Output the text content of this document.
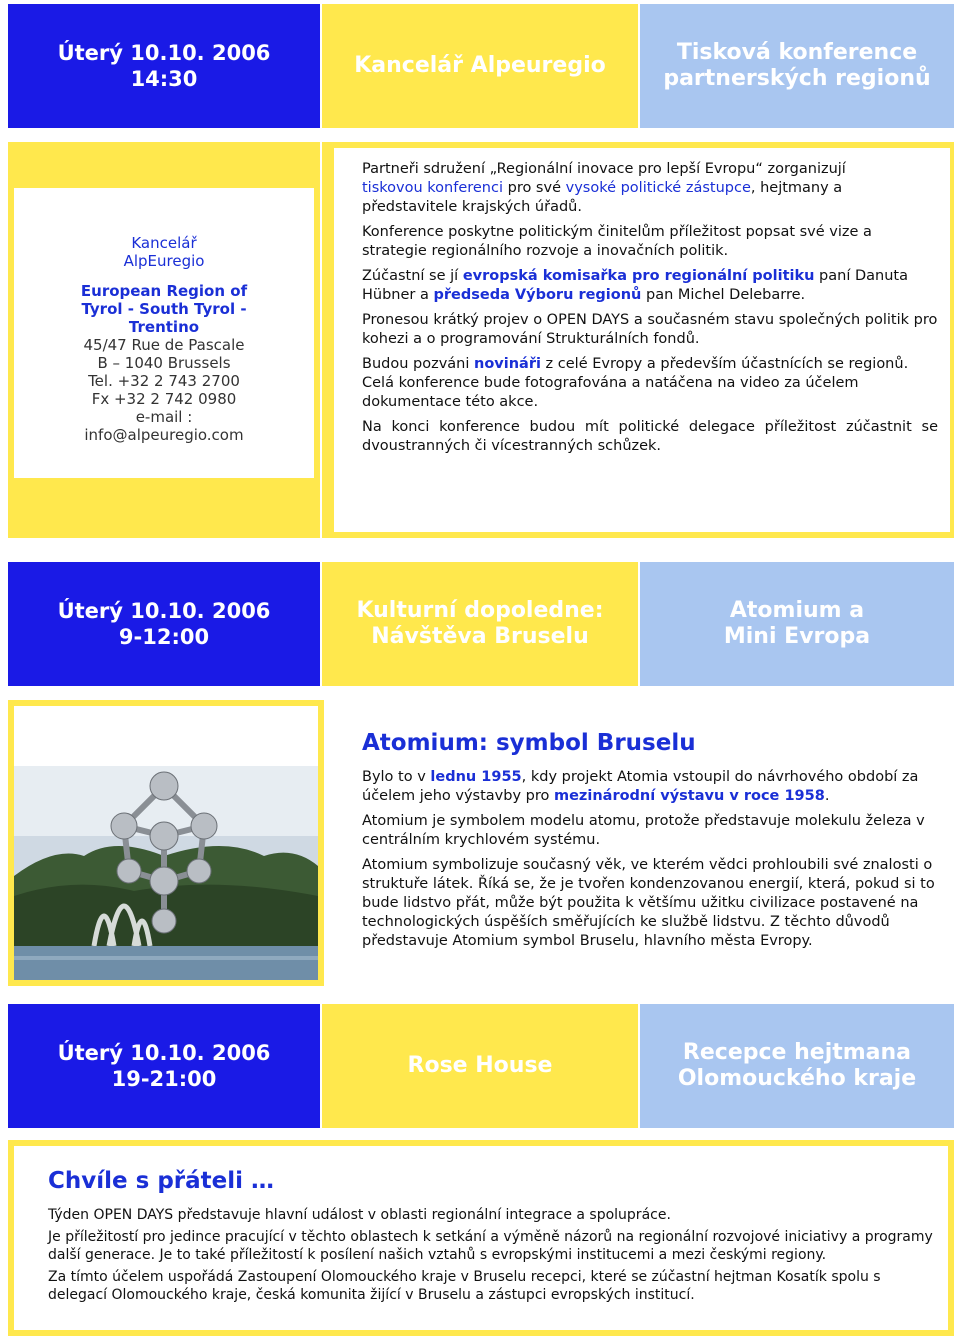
Úterý 10.10. 2006
14:30
Kancelář Alpeuregio
Tisková konference
partnerských regionů
Kancelář
AlpEuregio
European Region of
Tyrol - South Tyrol -
Trentino
45/47 Rue de Pascale
B – 1040 Brussels
Tel. +32 2 743 2700
Fx +32 2 742 0980
e-mail :
info@alpeuregio.com

Partneři sdružení „Regionální inovace pro lepší Evropu“ zorganizují
tiskovou konferenci pro své vysoké politické zástupce, hejtmany a představitele krajských úřadů.

Konference poskytne politickým činitelům příležitost popsat své vize a strategie regionálního rozvoje a inovačních politik.

Zúčastní se jí evropská komisařka pro regionální politiku paní Danuta Hübner a předseda Výboru regionů pan Michel Delebarre.

Pronesou krátký projev o OPEN DAYS a současném stavu společných politik pro kohezi a o programování Strukturálních fondů.

Budou pozváni novináři z celé Evropy a především účastnících se regionů. Celá konference bude fotografována a natáčena na video za účelem dokumentace této akce.

Na konci konference budou mít politické delegace příležitost zúčastnit se dvoustranných či vícestranných schůzek.

Úterý 10.10. 2006
9-12:00
Kulturní dopoledne:
Návštěva Bruselu
Atomium a
Mini Evropa
Atomium: symbol Bruselu

Bylo to v lednu 1955, kdy projekt Atomia vstoupil do návrhového období za účelem jeho výstavby pro mezinárodní výstavu v roce 1958.

Atomium je symbolem modelu atomu, protože představuje molekulu železa v centrálním krychlovém systému.

Atomium symbolizuje současný věk, ve kterém vědci prohloubili své znalosti o struktuře látek. Říká se, že je tvořen kondenzovanou energií, která, pokud si to bude lidstvo přát, může být použita k většímu užitku civilizace postavené na technologických úspěších směřujících ke službě lidstvu. Z těchto důvodů představuje Atomium symbol Bruselu, hlavního města Evropy.

Úterý 10.10. 2006
19-21:00
Rose House
Recepce hejtmana
Olomouckého kraje
Chvíle s přáteli …

Týden OPEN DAYS představuje hlavní událost v oblasti regionální integrace a spolupráce.

Je příležitostí pro jedince pracující v těchto oblastech k setkání a výměně názorů na regionální rozvojové iniciativy a programy další generace. Je to také příležitostí k posílení našich vztahů s evropskými institucemi a mezi českými regiony.

Za tímto účelem uspořádá Zastoupení Olomouckého kraje v Bruselu recepci, které se zúčastní hejtman Kosatík spolu s delegací Olomouckého kraje, česká komunita žijící v Bruselu a zástupci evropských institucí.
